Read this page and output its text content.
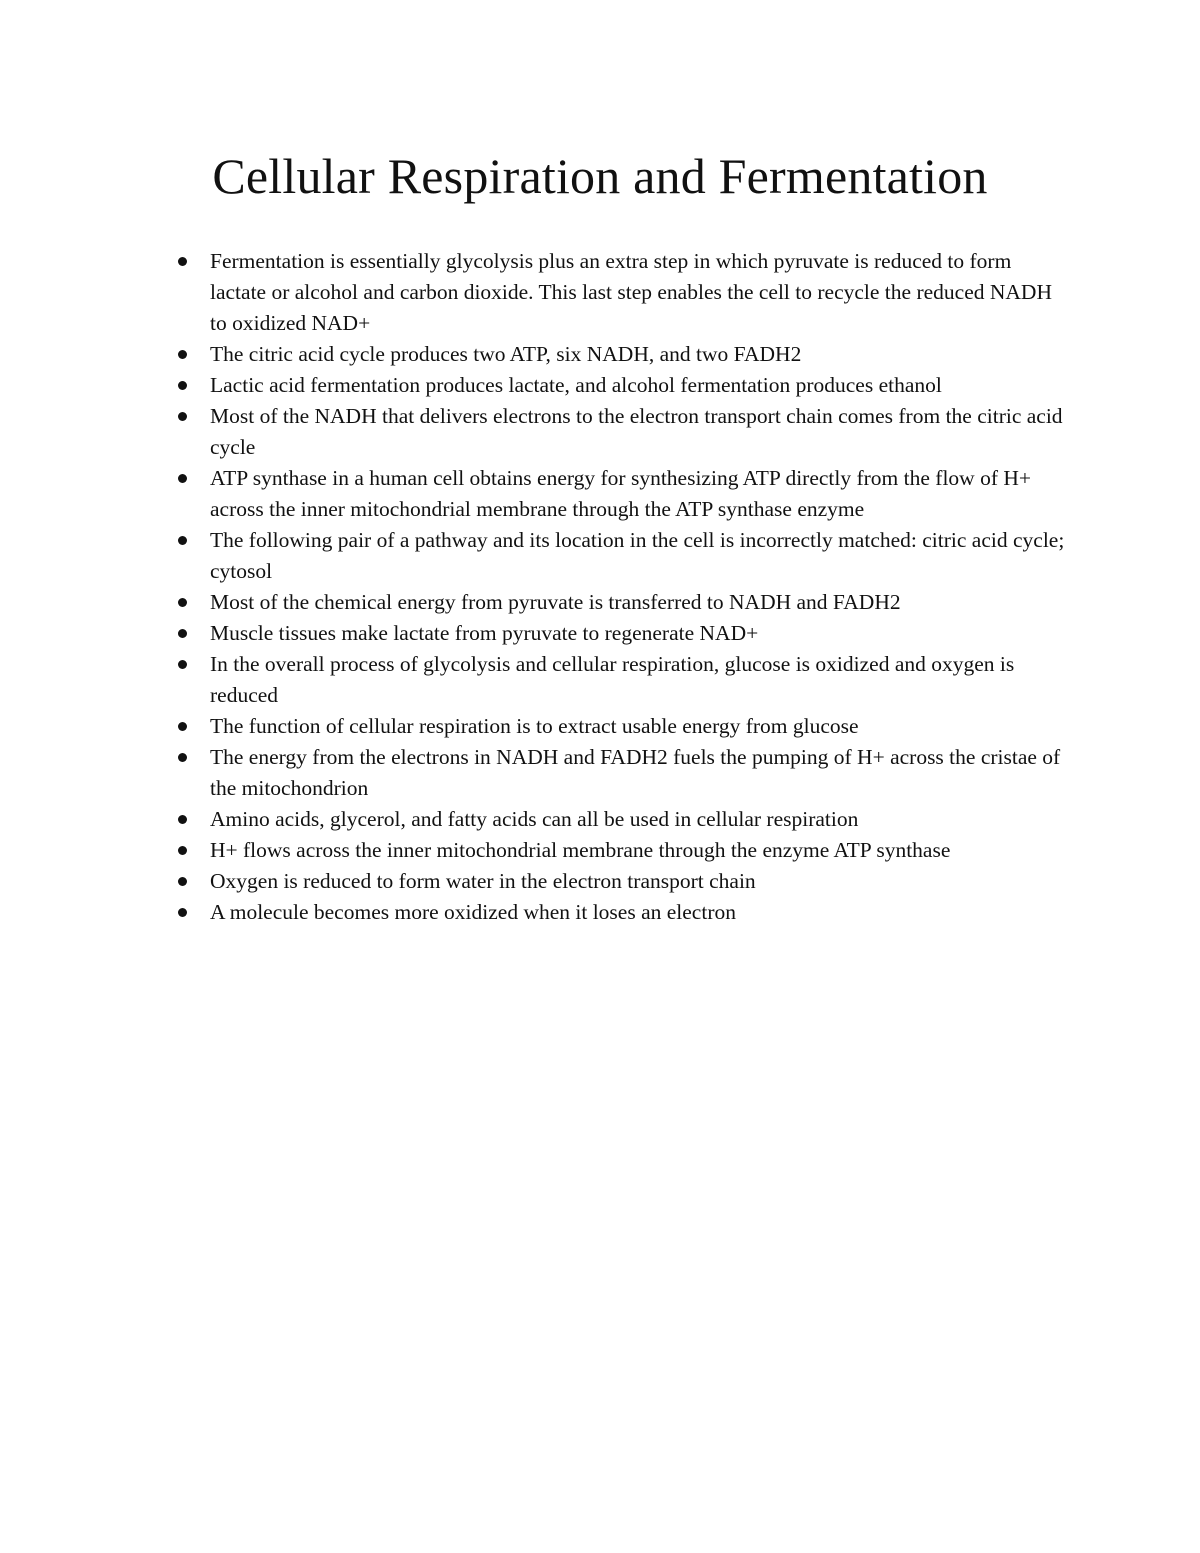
Cellular Respiration and Fermentation
Fermentation is essentially glycolysis plus an extra step in which pyruvate is reduced to form lactate or alcohol and carbon dioxide. This last step enables the cell to recycle the reduced NADH to oxidized NAD+
The citric acid cycle produces two ATP, six NADH, and two FADH2
Lactic acid fermentation produces lactate, and alcohol fermentation produces ethanol
Most of the NADH that delivers electrons to the electron transport chain comes from the citric acid cycle
ATP synthase in a human cell obtains energy for synthesizing ATP directly from the flow of H+ across the inner mitochondrial membrane through the ATP synthase enzyme
The following pair of a pathway and its location in the cell is incorrectly matched: citric acid cycle; cytosol
Most of the chemical energy from pyruvate is transferred to NADH and FADH2
Muscle tissues make lactate from pyruvate to regenerate NAD+
In the overall process of glycolysis and cellular respiration, glucose is oxidized and oxygen is reduced
The function of cellular respiration is to extract usable energy from glucose
The energy from the electrons in NADH and FADH2 fuels the pumping of H+ across the cristae of the mitochondrion
Amino acids, glycerol, and fatty acids can all be used in cellular respiration
H+ flows across the inner mitochondrial membrane through the enzyme ATP synthase
Oxygen is reduced to form water in the electron transport chain
A molecule becomes more oxidized when it loses an electron
